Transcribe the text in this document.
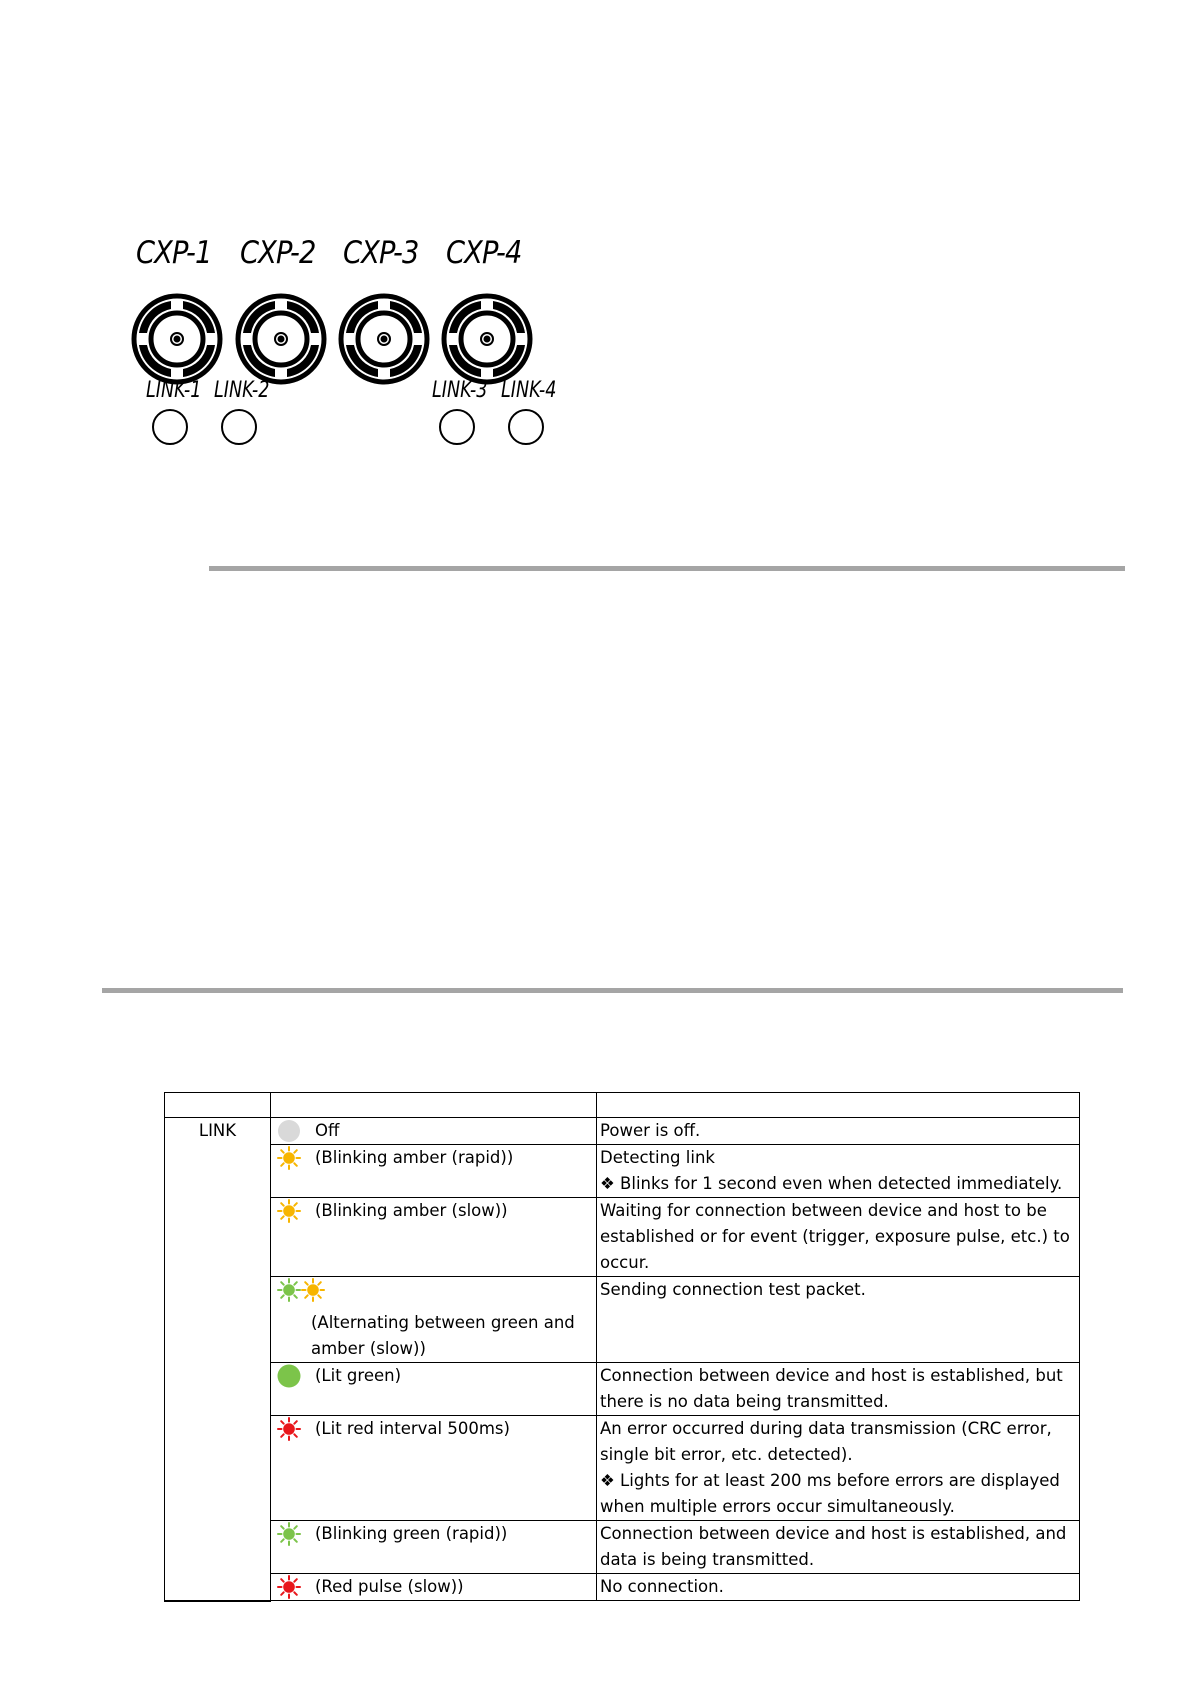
CXP-1 CXP-2 CXP-3 CXP-4
LINK-1 LINK-2	LINK-3 LINK-4

LINK	Off	Power is off.

	(Blinking amber (rapid))	Detecting link
❖ Blinks for 1 second even when detected immediately.

	(Blinking amber (slow))	Waiting for connection between device and host to be established or for event (trigger, exposure pulse, etc.) to occur.

	(Alternating between green and amber (slow))	Sending connection test packet.

	(Lit green)	Connection between device and host is established, but there is no data being transmitted.

	(Lit red interval 500ms)	An error occurred during data transmission (CRC error, single bit error, etc. detected).
❖ Lights for at least 200 ms before errors are displayed when multiple errors occur simultaneously.

	(Blinking green (rapid))	Connection between device and host is established, and data is being transmitted.

	(Red pulse (slow))	No connection.
